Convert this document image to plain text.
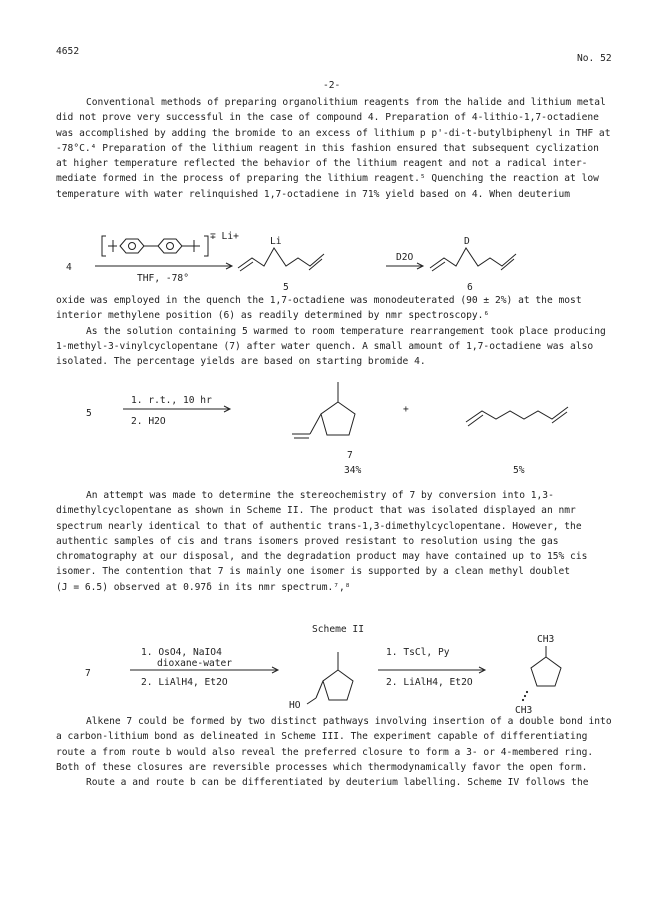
4652
No. 52
-2-

Conventional methods of preparing organolithium reagents from the halide and lithium metal

did not prove very successful in the case of compound 4. Preparation of 4-lithio-1,7-octadiene

was accomplished by adding the bromide to an excess of lithium p p'-di-t-butylbiphenyl in THF at

-78°C.⁴ Preparation of the lithium reagent in this fashion ensured that subsequent cyclization

at higher temperature reflected the behavior of the lithium reagent and not a radical inter-

mediate formed in the process of preparing the lithium reagent.⁵ Quenching the reaction at low

temperature with water relinquished 1,7-octadiene in 71% yield based on 4. When deuterium

4
∓ Li+
THF, -78°
Li
5
D2O
D
6

oxide was employed in the quench the 1,7-octadiene was monodeuterated (90 ± 2%) at the most

interior methylene position (6) as readily determined by nmr spectroscopy.⁶

As the solution containing 5 warmed to room temperature rearrangement took place producing

1-methyl-3-vinylcyclopentane (7) after water quench. A small amount of 1,7-octadiene was also

isolated. The percentage yields are based on starting bromide 4.

5
1. r.t., 10 hr
2. H2O
+
7
34%	5%

An attempt was made to determine the stereochemistry of 7 by conversion into 1,3-

dimethylcyclopentane as shown in Scheme II. The product that was isolated displayed an nmr

spectrum nearly identical to that of authentic trans-1,3-dimethylcyclopentane. However, the

authentic samples of cis and trans isomers proved resistant to resolution using the gas

chromatography at our disposal, and the degradation product may have contained up to 15% cis

isomer. The contention that 7 is mainly one isomer is supported by a clean methyl doublet

(J = 6.5) observed at 0.97δ in its nmr spectrum.⁷,⁸

Scheme II
7
1. OsO4, NaIO4
dioxane-water
2. LiAlH4, Et2O
HO
1. TsCl, Py
2. LiAlH4, Et2O
CH3
CH3

Alkene 7 could be formed by two distinct pathways involving insertion of a double bond into

a carbon-lithium bond as delineated in Scheme III. The experiment capable of differentiating

route a from route b would also reveal the preferred closure to form a 3- or 4-membered ring.

Both of these closures are reversible processes which thermodynamically favor the open form.

Route a and route b can be differentiated by deuterium labelling. Scheme IV follows the
